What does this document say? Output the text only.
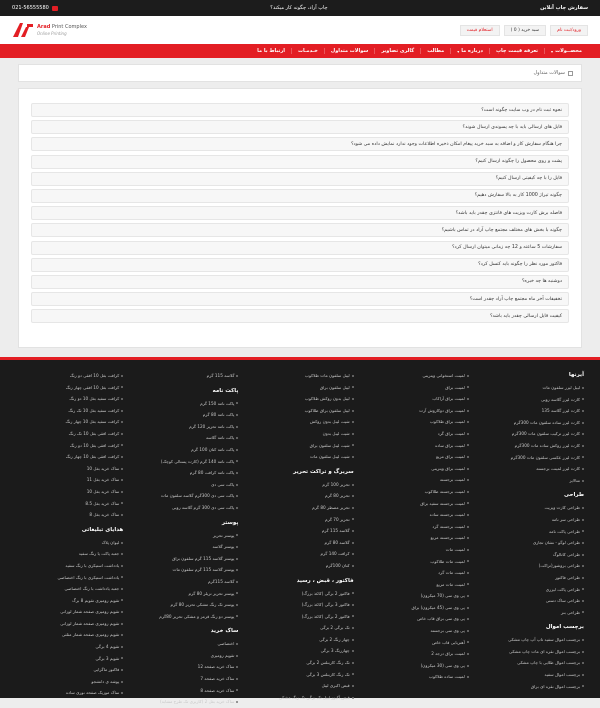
سفارش چاپ آنلاین
چاپ آراد، چگونه کار میکند؟
021-56555580
Arad Print Complex
Online Printing
ورود/ثبت نام
سبد خرید ( 0 )
استعلام قیمت
محصــولات
▾
تعرفه قیمت چاپ
درباره ما
▾
مطالب
گالری تصاویر
سوالات متداول
خـدمـات
ارتباط با ما
سوالات متداول
نحوه ثبت نام در وب سایت چگونه است؟
فایل های ارسالی باید با چه پسوندی ارسال شوند؟
چرا هنگام سفارش کار و اضافه به سبد خرید پیغام امکان ذخیره اطلاعات وجود ندارد نمایش داده می شود؟
پشت و روی محصول را چگونه ارسال کنیم؟
فایل را با چه کیفیتی ارسال کنیم؟
چگونه تیراژ 1000 کار به بالا سفارش دهیم؟
فاصله برش کارت ویزیت های فانتزی چقدر باید باشد؟
چگونه با بخش های مختلف مجتمع چاپ آراد در تماس باشیم؟
سفارشات 5 ساعته و 12 چه زمانی میتوان ارسال کرد؟
فاکتور مورد نظر را چگونه باید کنسل کرد؟
دوشنبه ها چه خبره؟
تخفیفات آخر ماه مجتمع چاپ آراد چقدر است؟
کیفیت فایل ارسالی چقدر باید باشد؟
آیرنها
لیبل لیزر سلفون مات
کارت لیزر گلاسه روبی
کارت لیزر گلاسه 135
کارت لیزر ساده سلفون مات 300گرم
کارت لیزر ترکیب سلفون مات 300گرم
کارت لیزر روکش ساده مات 300گرم
کارت لیزر عکسی سلفون مات 300گرم
کارت لیزر لمینت برجسته
متالایز
طراحی
طراحی کارت ویزیت
طراحی سر نامه
طراحی پاکت نامه
طراحی لوگو - نشان تجاری
طراحی کاتالوگ
طراحی بروشور(تراکت)
طراحی فاکتور
طراحی پاکت لیزری
طراحی ساک دستی
طراحی بنر
برچسب اموال
برچسب اموال سفید تاپ آپ چاپ مشکی
برچسب اموال نقره ای مات چاپ مشکی
برچسب اموال طلایی با چاپ مشکی
برچسب اموال سفید
برچسب اموال نقره ای براق
لمینت استخوانی ویترینی
لمینت براق
لمینت براق آراکاب
لمینت براق دوکاروش آرت
لمینت براق طلاکوب
لمینت براق گرد
لمینت براق ساده
لمینت براق مربع
لمینت براق ویترینی
لمینت برجسته
لمینت برجسته طلاکوب
لمینت برجسته سفید براق
لمینت برجسته ساده
لمینت برجسته گرد
لمینت برجسته مربع
لمینت مات
لمینت مات طلاکوب
لمینت مات گرد
لمینت مات مربع
پی وی سی (70 میکرون)
پی وی سی (45 میکرون) براق
پی وی سی براق قاب خاص
پی وی سی برجسته
آهنربایی قاب خاص
لمینت براق درجه 2
پی وی سی (30 میکرون)
لمینت ساده طلاکوب
لیبل سلفون مات طلاکوب
لیبل سلفون براق
لیبل بدون روکش طلاکوب
لیبل سلفون براق طلاکوب
شیت لیبل بدون روکش
شیت لیبل بدون
شیت لیبل سلفون براق
شیت لیبل سلفون مات
سربرگ و تراکت تحریر
تحریر 100 گرم
تحریر 80 گرم
تحریر مصطر 80 گرم
تحریر 70 گرم
گلاسه 115 گرم
گلاسه 80 گرم
کرافت 140 گرم
کتان 100گرم
فاکتور ، قبض ، رسید
فاکتور 2 برگی (کاغذ بزرگ)
فاکتور 3 برگی (کاغذ بزرگ)
فاکتور 2 برگی (کاغذ بزرگ)
تک برگی 2 برگی
چهار رنگ 2 برگی
چهاررنگ 3 برگی
تک رنگ کاربنلس 2 برگی
تک رنگ کاربنلس 3 برگی
قبض اکبری لیبل
قبض آکبوز لیبل تک برگی تک رنگ مشکی
گلاسه 115 گرم
پاکت نامه
پاکت نامه 150 گرم
پاکت نامه 80 گرم
پاکت نامه تحریر 120 گرم
پاکت نامه گلاسه
پاکت نامه کتان 100 گرم
پاکت نامه 140 گرم (کارت پستالی کوچک)
پاکت نامه کرافت 80 گرم
پاکت سی دی
پاکت سی دی 300گرم گلاسه سلفون مات
پاکت سی دی 300 گرم گلاسه روبی
پوستر
پوستر تحریر
پوستر گلاسه
پوستر گلاسه 115 گرم سلفون براق
پوستر گلاسه 115 گرم سلفون مات
گلاسه 115گرم
پوستر تحریر تریلر 80 گرم
پوستر تک رنگ مشکی تحریر 80 گرم
پوستر دو رنگ قرمز و مشکی تحریر 80گرم
ساک خرید
اختصاصی
تقویم رومیزی
ساک خرید صفحه 12
ساک خرید صفحه 7
ساک خرید صفحه 8
ساک خرید بغل 2 (کاربری تک طرح مشابه)
کرافت بغل 10 افقی دو رنگ
کرافت بغل 10 افقی چهار رنگ
کرافت سفید بغل 10 دو رنگ
کرافت سفید بغل 10 تک رنگ
کرافت سفید بغل 10 چهار رنگ
کرافت افقی بغل 10 تک رنگ
کرافت افقی بغل 10 دو رنگ
کرافت افقی بغل 10 چهار رنگ
ساک خرید بغل 10
ساک خرید بغل 11
ساک خرید بغل 10
ساک خرید بغل 8.5
ساک خرید بغل 8
هدایای تبلیغاتی
لیوان پلاک
جعبه پاکت یا رنگ سفید
یادداشت استیکری با رنگ سفید
یادداشت استیکری با رنگ اختصاصی
جعبه یادداشت با رنگ اختصاصی
تقویم رومیزی تقویم 8 برگ
تقویم رومیزی صفحه شمار لوزانی
تقویم رومیزی صفحه شمار لوزانی
تقویم رومیزی صفحه شمار مثلثی
تقویم 4 برگی
تقویم 3 برگی
فاکتور ماگرایی
پوشه ی دانشجو
ساک موزیک صفحه نوری ساده
